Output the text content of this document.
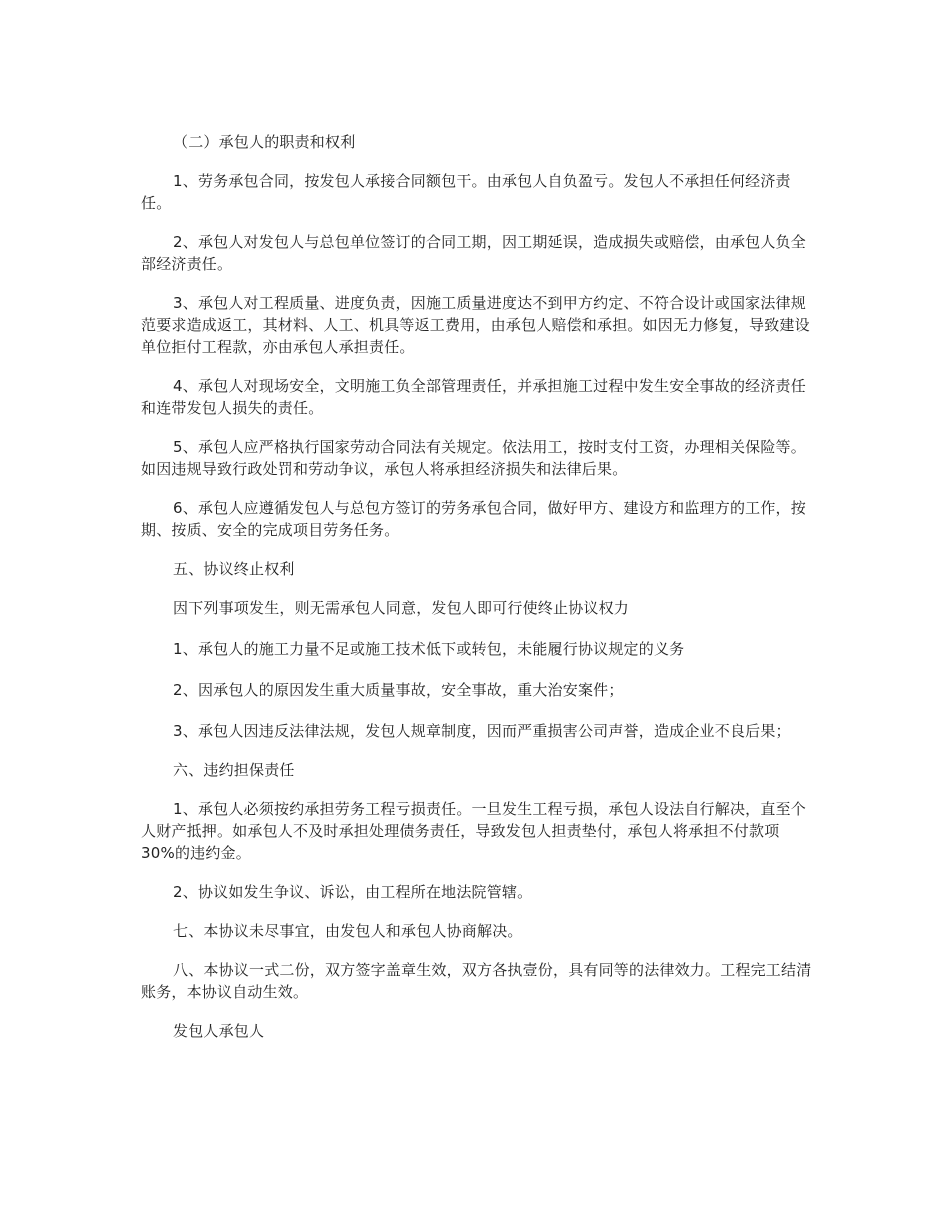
（二）承包人的职责和权利

1、劳务承包合同，按发包人承接合同额包干。由承包人自负盈亏。发包人不承担任何经济责任。

2、承包人对发包人与总包单位签订的合同工期，因工期延误，造成损失或赔偿，由承包人负全部经济责任。

3、承包人对工程质量、进度负责，因施工质量进度达不到甲方约定、不符合设计或国家法律规范要求造成返工，其材料、人工、机具等返工费用，由承包人赔偿和承担。如因无力修复，导致建设单位拒付工程款，亦由承包人承担责任。

4、承包人对现场安全，文明施工负全部管理责任，并承担施工过程中发生安全事故的经济责任和连带发包人损失的责任。

5、承包人应严格执行国家劳动合同法有关规定。依法用工，按时支付工资，办理相关保险等。如因违规导致行政处罚和劳动争议，承包人将承担经济损失和法律后果。

6、承包人应遵循发包人与总包方签订的劳务承包合同，做好甲方、建设方和监理方的工作，按期、按质、安全的完成项目劳务任务。

五、协议终止权利

因下列事项发生，则无需承包人同意，发包人即可行使终止协议权力

1、承包人的施工力量不足或施工技术低下或转包，未能履行协议规定的义务

2、因承包人的原因发生重大质量事故，安全事故，重大治安案件；

3、承包人因违反法律法规，发包人规章制度，因而严重损害公司声誉，造成企业不良后果；

六、违约担保责任

1、承包人必须按约承担劳务工程亏损责任。一旦发生工程亏损，承包人设法自行解决，直至个人财产抵押。如承包人不及时承担处理债务责任，导致发包人担责垫付，承包人将承担不付款项30%的违约金。

2、协议如发生争议、诉讼，由工程所在地法院管辖。

七、本协议未尽事宜，由发包人和承包人协商解决。

八、本协议一式二份，双方签字盖章生效，双方各执壹份，具有同等的法律效力。工程完工结清账务，本协议自动生效。

发包人承包人
